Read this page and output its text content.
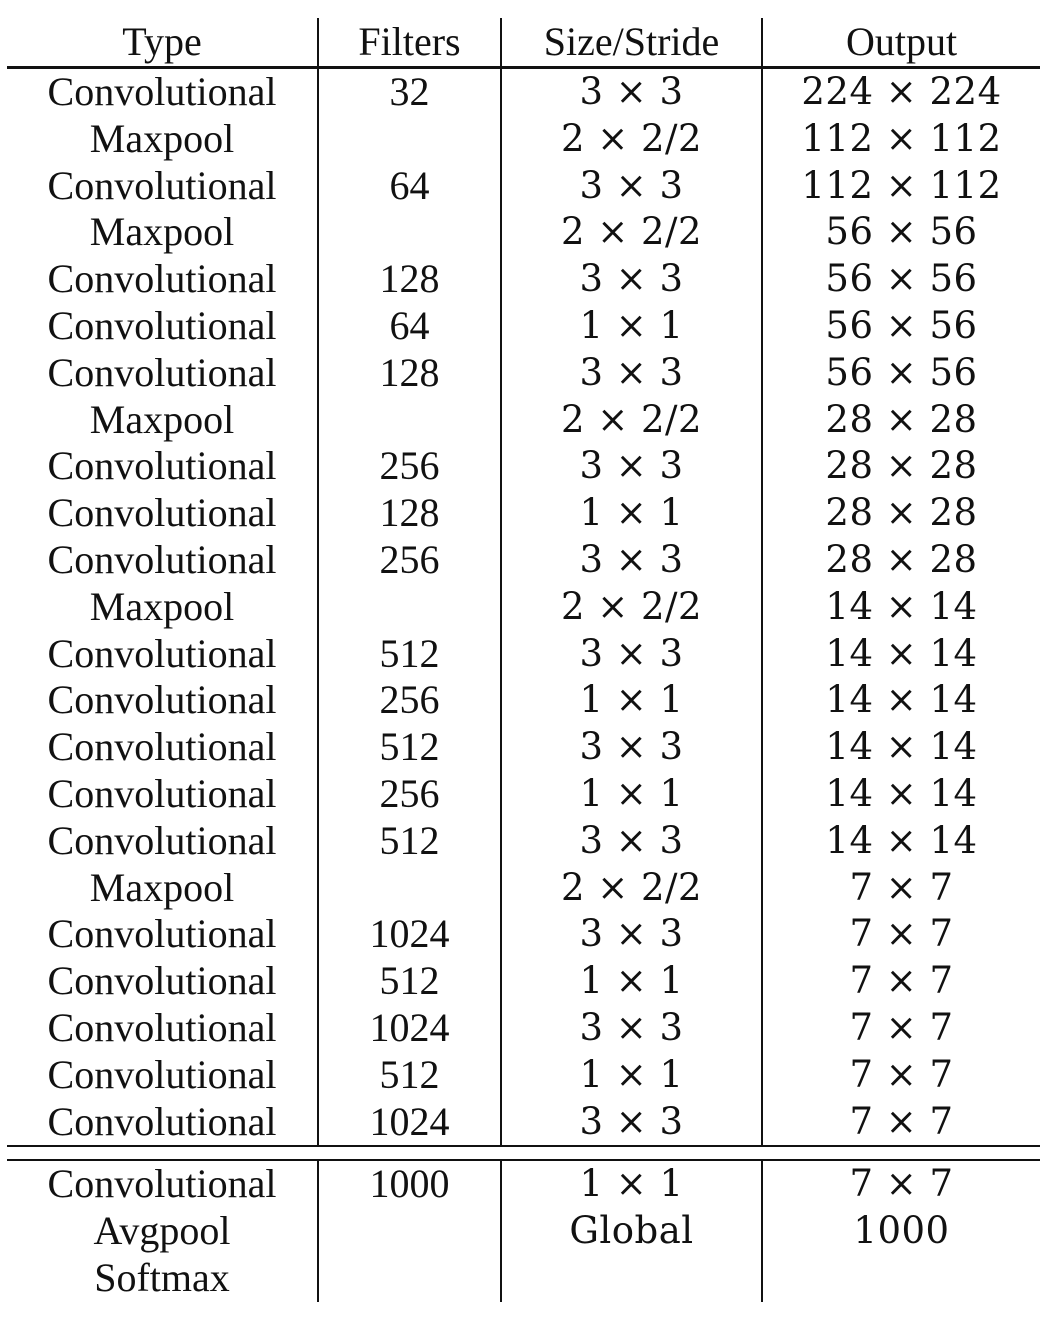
Type	Filters	Size/Stride	Output
Convolutional	32	3 × 3	224 × 224
Maxpool		2 × 2/2	112 × 112
Convolutional	64	3 × 3	112 × 112
Maxpool		2 × 2/2	56 × 56
Convolutional	128	3 × 3	56 × 56
Convolutional	64	1 × 1	56 × 56
Convolutional	128	3 × 3	56 × 56
Maxpool		2 × 2/2	28 × 28
Convolutional	256	3 × 3	28 × 28
Convolutional	128	1 × 1	28 × 28
Convolutional	256	3 × 3	28 × 28
Maxpool		2 × 2/2	14 × 14
Convolutional	512	3 × 3	14 × 14
Convolutional	256	1 × 1	14 × 14
Convolutional	512	3 × 3	14 × 14
Convolutional	256	1 × 1	14 × 14
Convolutional	512	3 × 3	14 × 14
Maxpool		2 × 2/2	7 × 7
Convolutional	1024	3 × 3	7 × 7
Convolutional	512	1 × 1	7 × 7
Convolutional	1024	3 × 3	7 × 7
Convolutional	512	1 × 1	7 × 7
Convolutional	1024	3 × 3	7 × 7

Convolutional	1000	1 × 1	7 × 7
Avgpool		Global	1000
Softmax			
